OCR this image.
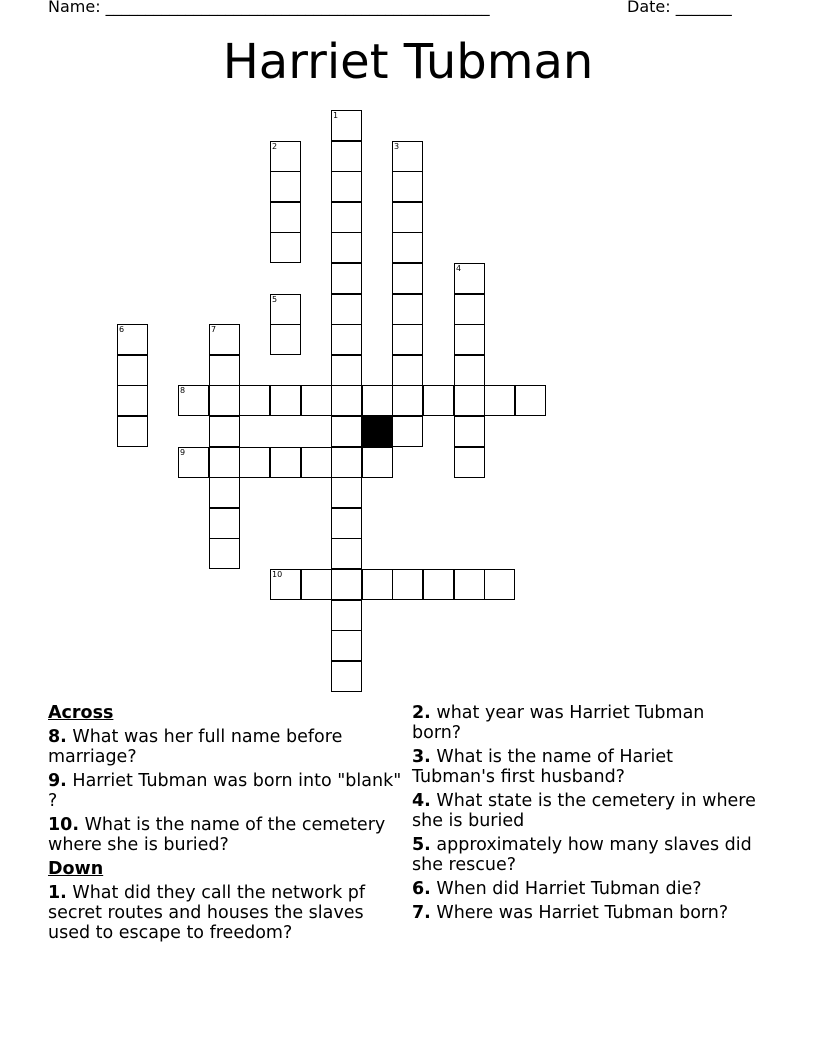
Name: ________________________________________________	Date: _______
Harriet Tubman
1
2	3
4
5
6	7
8
9
10
Across
8. What was her full name before marriage?
9. Harriet Tubman was born into "blank" ?
10. What is the name of the cemetery where she is buried?
Down
1. What did they call the network pf secret routes and houses the slaves used to escape to freedom?
2. what year was Harriet Tubman born?
3. What is the name of Hariet Tubman's first husband?
4. What state is the cemetery in where she is buried
5. approximately how many slaves did she rescue?
6. When did Harriet Tubman die?
7. Where was Harriet Tubman born?
